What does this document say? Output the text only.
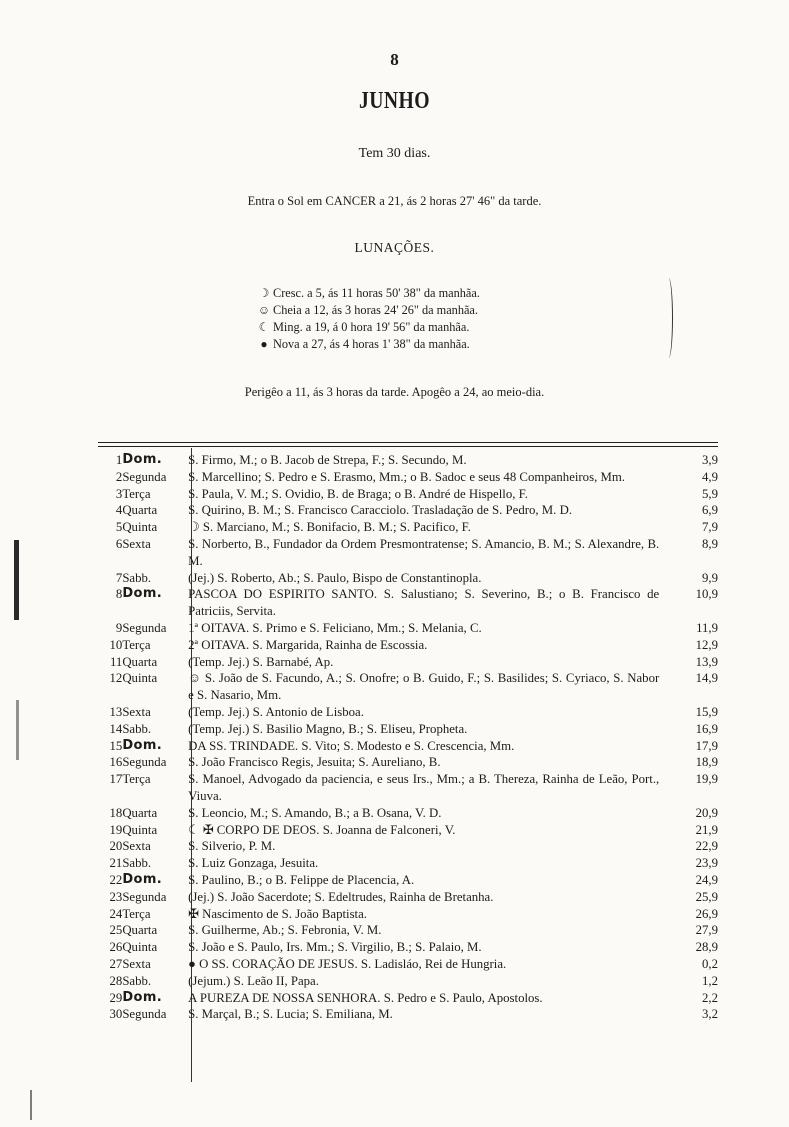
8
JUNHO
Tem 30 dias.
Entra o Sol em CANCER a 21, ás 2 horas 27' 46" da tarde.
LUNAÇÕES.
☽ Cresc. a 5, ás 11 horas 50' 38" da manhãa.
☺ Cheia a 12, ás 3 horas 24' 26" da manhãa.
☾ Ming. a 19, á 0 hora 19' 56" da manhãa.
● Nova a 27, ás 4 horas 1' 38" da manhãa.
Perigêo a 11, ás 3 horas da tarde. Apogêo a 24, ao meio-dia.
1	Dom.	S. Firmo, M.; o B. Jacob de Strepa, F.; S. Secundo, M.	3,9
2	Segunda	S. Marcellino; S. Pedro e S. Erasmo, Mm.; o B. Sadoc e seus 48 Companheiros, Mm.	4,9
3	Terça	S. Paula, V. M.; S. Ovidio, B. de Braga; o B. André de Hispello, F.	5,9
4	Quarta	S. Quirino, B. M.; S. Francisco Caracciolo. Trasladação de S. Pedro, M. D.	6,9
5	Quinta	☽ S. Marciano, M.; S. Bonifacio, B. M.; S. Pacifico, F.	7,9
6	Sexta	S. Norberto, B., Fundador da Ordem Presmontratense; S. Amancio, B. M.; S. Alexandre, B. M.	8,9
7	Sabb.	(Jej.) S. Roberto, Ab.; S. Paulo, Bispo de Constantinopla.	9,9
8	Dom.	PASCOA DO ESPIRITO SANTO. S. Salustiano; S. Severino, B.; o B. Francisco de Patriciis, Servita.	10,9
9	Segunda	1ª OITAVA. S. Primo e S. Feliciano, Mm.; S. Melania, C.	11,9
10	Terça	2ª OITAVA. S. Margarida, Rainha de Escossia.	12,9
11	Quarta	(Temp. Jej.) S. Barnabé, Ap.	13,9
12	Quinta	☺ S. João de S. Facundo, A.; S. Onofre; o B. Guido, F.; S. Basilides; S. Cyriaco, S. Nabor e S. Nasario, Mm.	14,9
13	Sexta	(Temp. Jej.) S. Antonio de Lisboa.	15,9
14	Sabb.	(Temp. Jej.) S. Basilio Magno, B.; S. Eliseu, Propheta.	16,9
15	Dom.	DA SS. TRINDADE. S. Vito; S. Modesto e S. Crescencia, Mm.	17,9
16	Segunda	S. João Francisco Regis, Jesuita; S. Aureliano, B.	18,9
17	Terça	S. Manoel, Advogado da paciencia, e seus Irs., Mm.; a B. Thereza, Rainha de Leão, Port., Viuva.	19,9
18	Quarta	S. Leoncio, M.; S. Amando, B.; a B. Osana, V. D.	20,9
19	Quinta	☾ ✠ CORPO DE DEOS. S. Joanna de Falconeri, V.	21,9
20	Sexta	S. Silverio, P. M.	22,9
21	Sabb.	S. Luiz Gonzaga, Jesuita.	23,9
22	Dom.	S. Paulino, B.; o B. Felippe de Placencia, A.	24,9
23	Segunda	(Jej.) S. João Sacerdote; S. Edeltrudes, Rainha de Bretanha.	25,9
24	Terça	✠ Nascimento de S. João Baptista.	26,9
25	Quarta	S. Guilherme, Ab.; S. Febronia, V. M.	27,9
26	Quinta	S. João e S. Paulo, Irs. Mm.; S. Virgilio, B.; S. Palaio, M.	28,9
27	Sexta	● O SS. CORAÇÃO DE JESUS. S. Ladisláo, Rei de Hungria.	0,2
28	Sabb.	(Jejum.) S. Leão II, Papa.	1,2
29	Dom.	A PUREZA DE NOSSA SENHORA. S. Pedro e S. Paulo, Apostolos.	2,2
30	Segunda	S. Marçal, B.; S. Lucia; S. Emiliana, M.	3,2
